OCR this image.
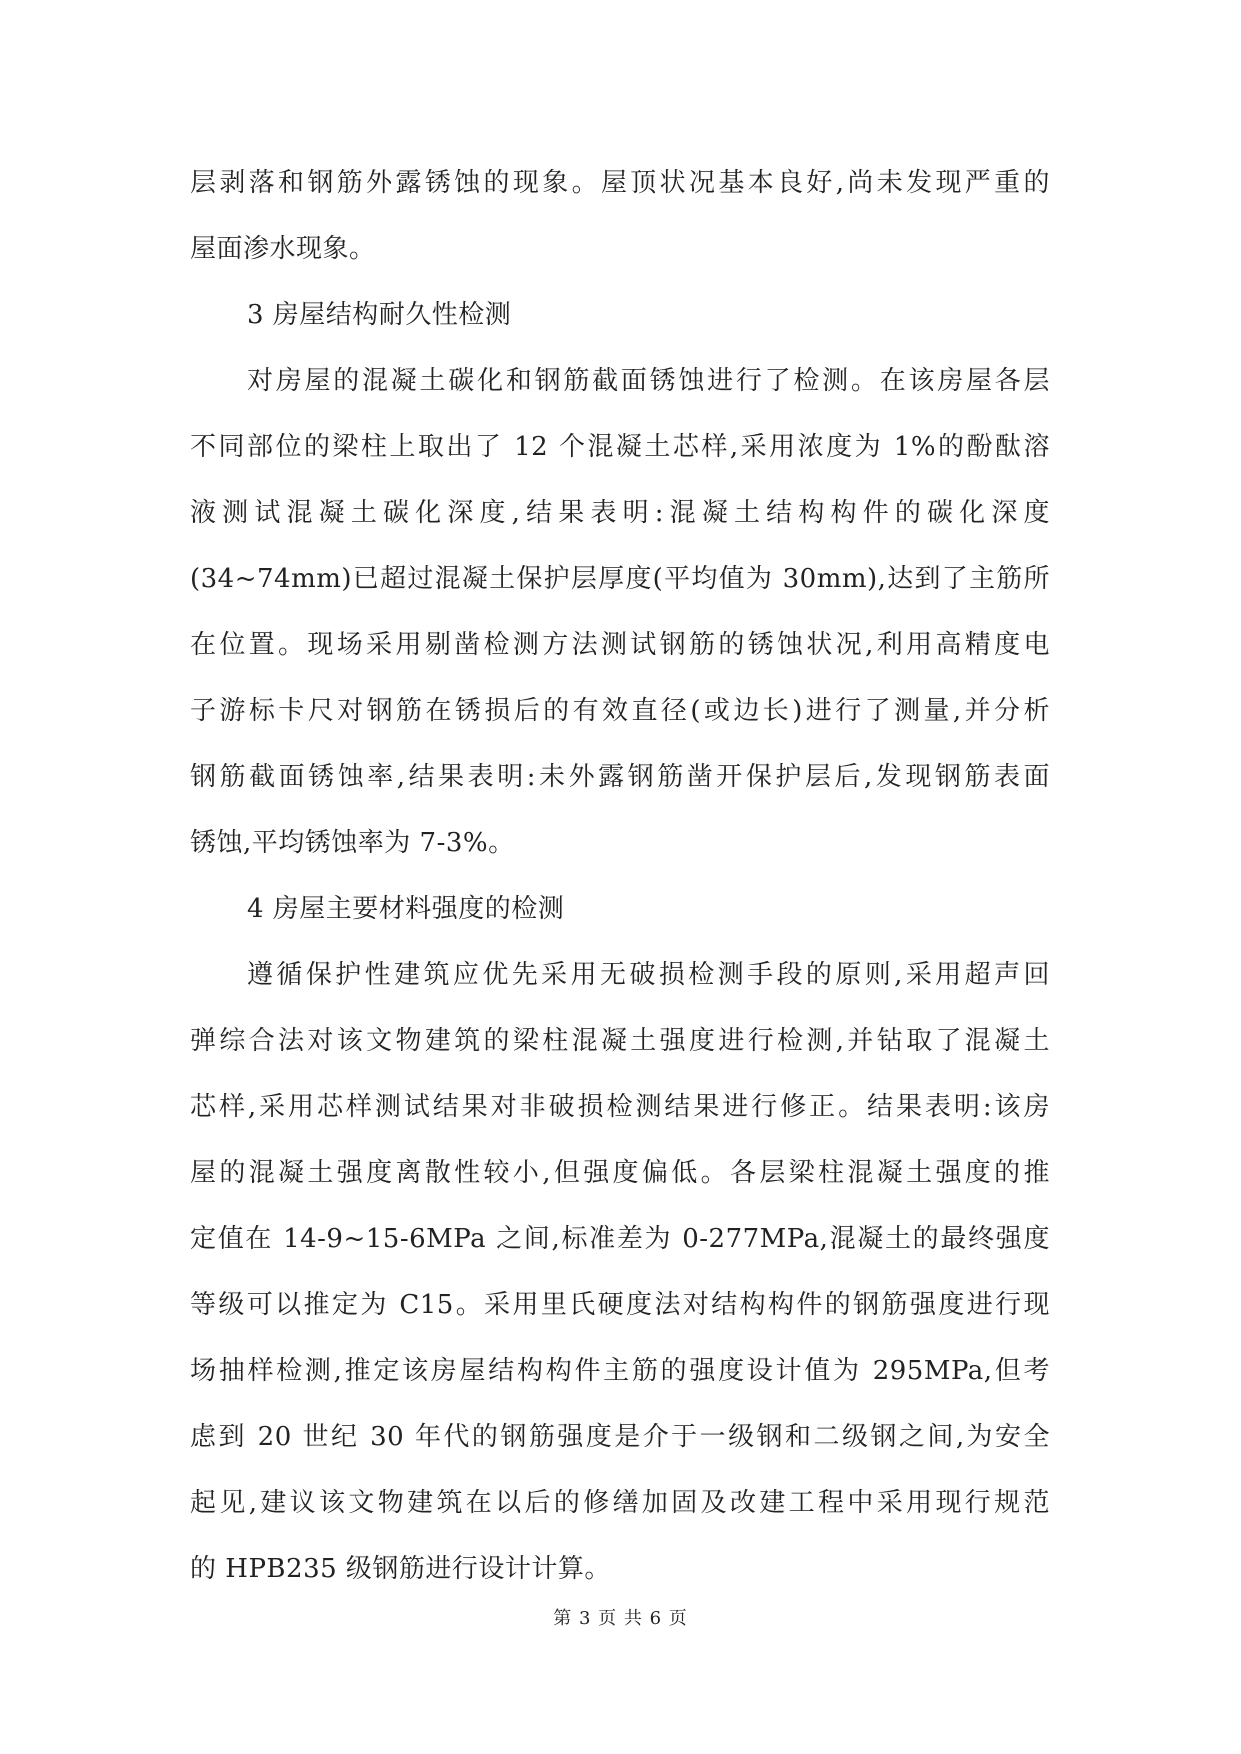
层剥落和钢筋外露锈蚀的现象。屋顶状况基本良好,尚未发现严重的
屋面渗水现象。
3 房屋结构耐久性检测
对房屋的混凝土碳化和钢筋截面锈蚀进行了检测。在该房屋各层
不同部位的梁柱上取出了 12 个混凝土芯样,采用浓度为 1%的酚酞溶
液测试混凝土碳化深度,结果表明:混凝土结构构件的碳化深度
(34~74mm)已超过混凝土保护层厚度(平均值为 30mm),达到了主筋所
在位置。现场采用剔凿检测方法测试钢筋的锈蚀状况,利用高精度电
子游标卡尺对钢筋在锈损后的有效直径(或边长)进行了测量,并分析
钢筋截面锈蚀率,结果表明:未外露钢筋凿开保护层后,发现钢筋表面
锈蚀,平均锈蚀率为 7-3%。
4 房屋主要材料强度的检测
遵循保护性建筑应优先采用无破损检测手段的原则,采用超声回
弹综合法对该文物建筑的梁柱混凝土强度进行检测,并钻取了混凝土
芯样,采用芯样测试结果对非破损检测结果进行修正。结果表明:该房
屋的混凝土强度离散性较小,但强度偏低。各层梁柱混凝土强度的推
定值在 14-9~15-6MPa 之间,标准差为 0-277MPa,混凝土的最终强度
等级可以推定为 C15。采用里氏硬度法对结构构件的钢筋强度进行现
场抽样检测,推定该房屋结构构件主筋的强度设计值为 295MPa,但考
虑到 20 世纪 30 年代的钢筋强度是介于一级钢和二级钢之间,为安全
起见,建议该文物建筑在以后的修缮加固及改建工程中采用现行规范
的 HPB235 级钢筋进行设计计算。
第 3 页 共 6 页
